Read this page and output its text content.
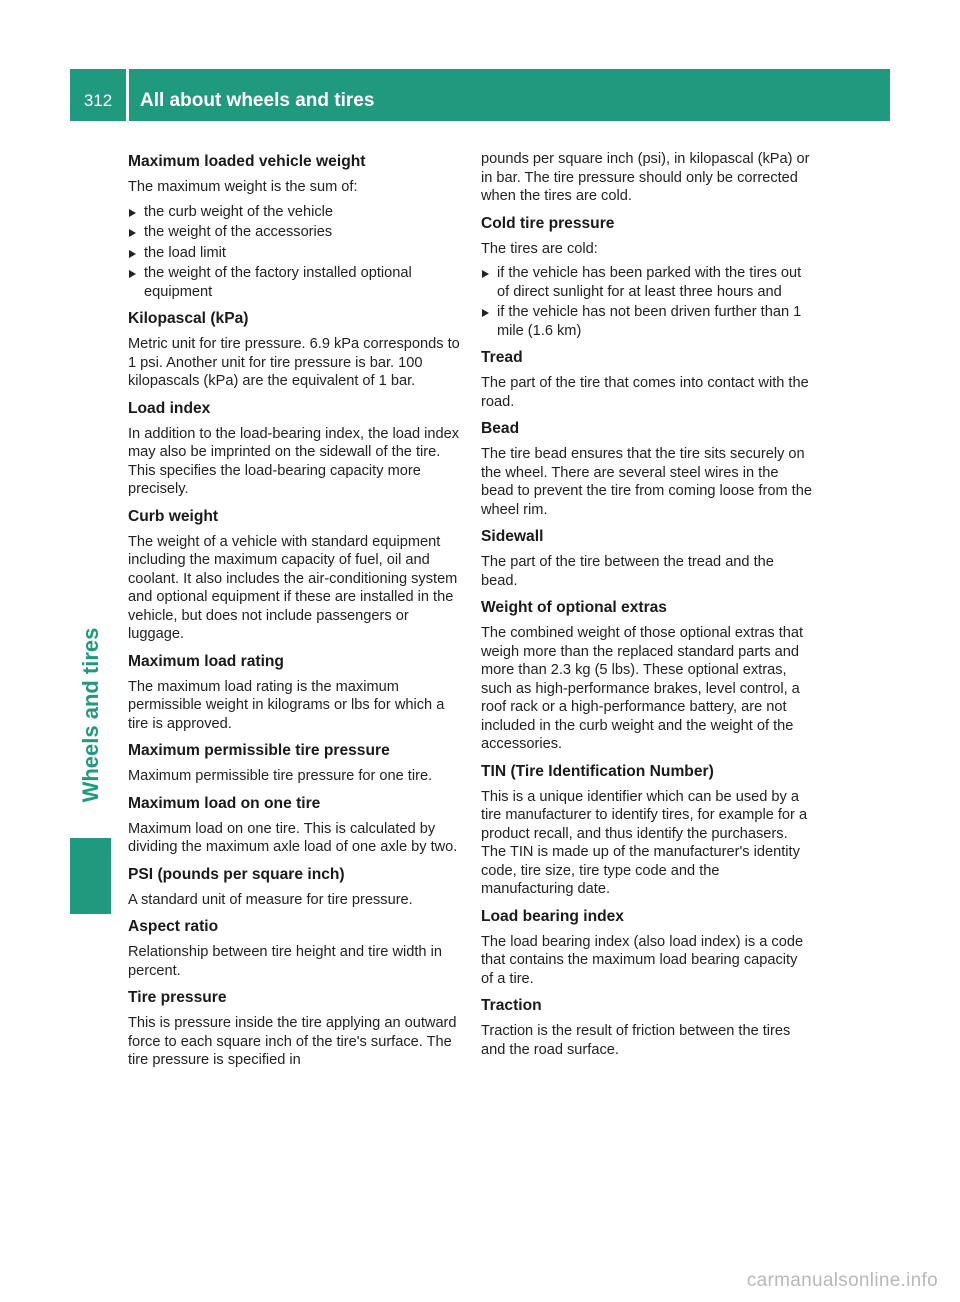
312	All about wheels and tires
Wheels and tires
Maximum loaded vehicle weight

The maximum weight is the sum of:

the curb weight of the vehicle
the weight of the accessories
the load limit
the weight of the factory installed optional equipment
Kilopascal (kPa)

Metric unit for tire pressure. 6.9 kPa corresponds to 1 psi. Another unit for tire pressure is bar. 100 kilopascals (kPa) are the equivalent of 1 bar.

Load index

In addition to the load-bearing index, the load index may also be imprinted on the sidewall of the tire. This specifies the load-bearing capacity more precisely.

Curb weight

The weight of a vehicle with standard equipment including the maximum capacity of fuel, oil and coolant. It also includes the air-conditioning system and optional equipment if these are installed in the vehicle, but does not include passengers or luggage.

Maximum load rating

The maximum load rating is the maximum permissible weight in kilograms or lbs for which a tire is approved.

Maximum permissible tire pressure

Maximum permissible tire pressure for one tire.

Maximum load on one tire

Maximum load on one tire. This is calculated by dividing the maximum axle load of one axle by two.

PSI (pounds per square inch)

A standard unit of measure for tire pressure.

Aspect ratio

Relationship between tire height and tire width in percent.

Tire pressure

This is pressure inside the tire applying an outward force to each square inch of the tire's surface. The tire pressure is specified in

pounds per square inch (psi), in kilopascal (kPa) or in bar. The tire pressure should only be corrected when the tires are cold.

Cold tire pressure

The tires are cold:

if the vehicle has been parked with the tires out of direct sunlight for at least three hours and
if the vehicle has not been driven further than 1 mile (1.6 km)
Tread

The part of the tire that comes into contact with the road.

Bead

The tire bead ensures that the tire sits securely on the wheel. There are several steel wires in the bead to prevent the tire from coming loose from the wheel rim.

Sidewall

The part of the tire between the tread and the bead.

Weight of optional extras

The combined weight of those optional extras that weigh more than the replaced standard parts and more than 2.3 kg (5 lbs). These optional extras, such as high-performance brakes, level control, a roof rack or a high-performance battery, are not included in the curb weight and the weight of the accessories.

TIN (Tire Identification Number)

This is a unique identifier which can be used by a tire manufacturer to identify tires, for example for a product recall, and thus identify the purchasers. The TIN is made up of the manufacturer's identity code, tire size, tire type code and the manufacturing date.

Load bearing index

The load bearing index (also load index) is a code that contains the maximum load bearing capacity of a tire.

Traction

Traction is the result of friction between the tires and the road surface.

carmanualsonline.info
